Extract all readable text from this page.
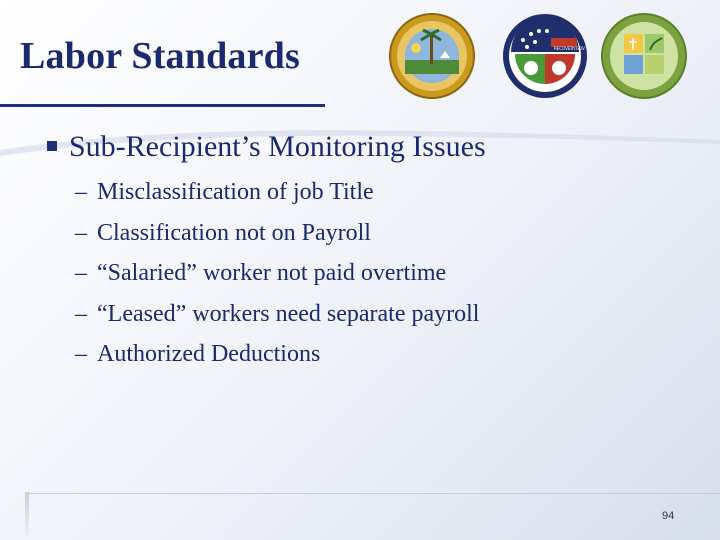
Labor Standards	RECOVERY.GOV
Sub-Recipient’s Monitoring Issues
– Misclassification of job Title
– Classification not on Payroll
– “Salaried” worker not paid overtime
– “Leased” workers need separate payroll
– Authorized Deductions
94
